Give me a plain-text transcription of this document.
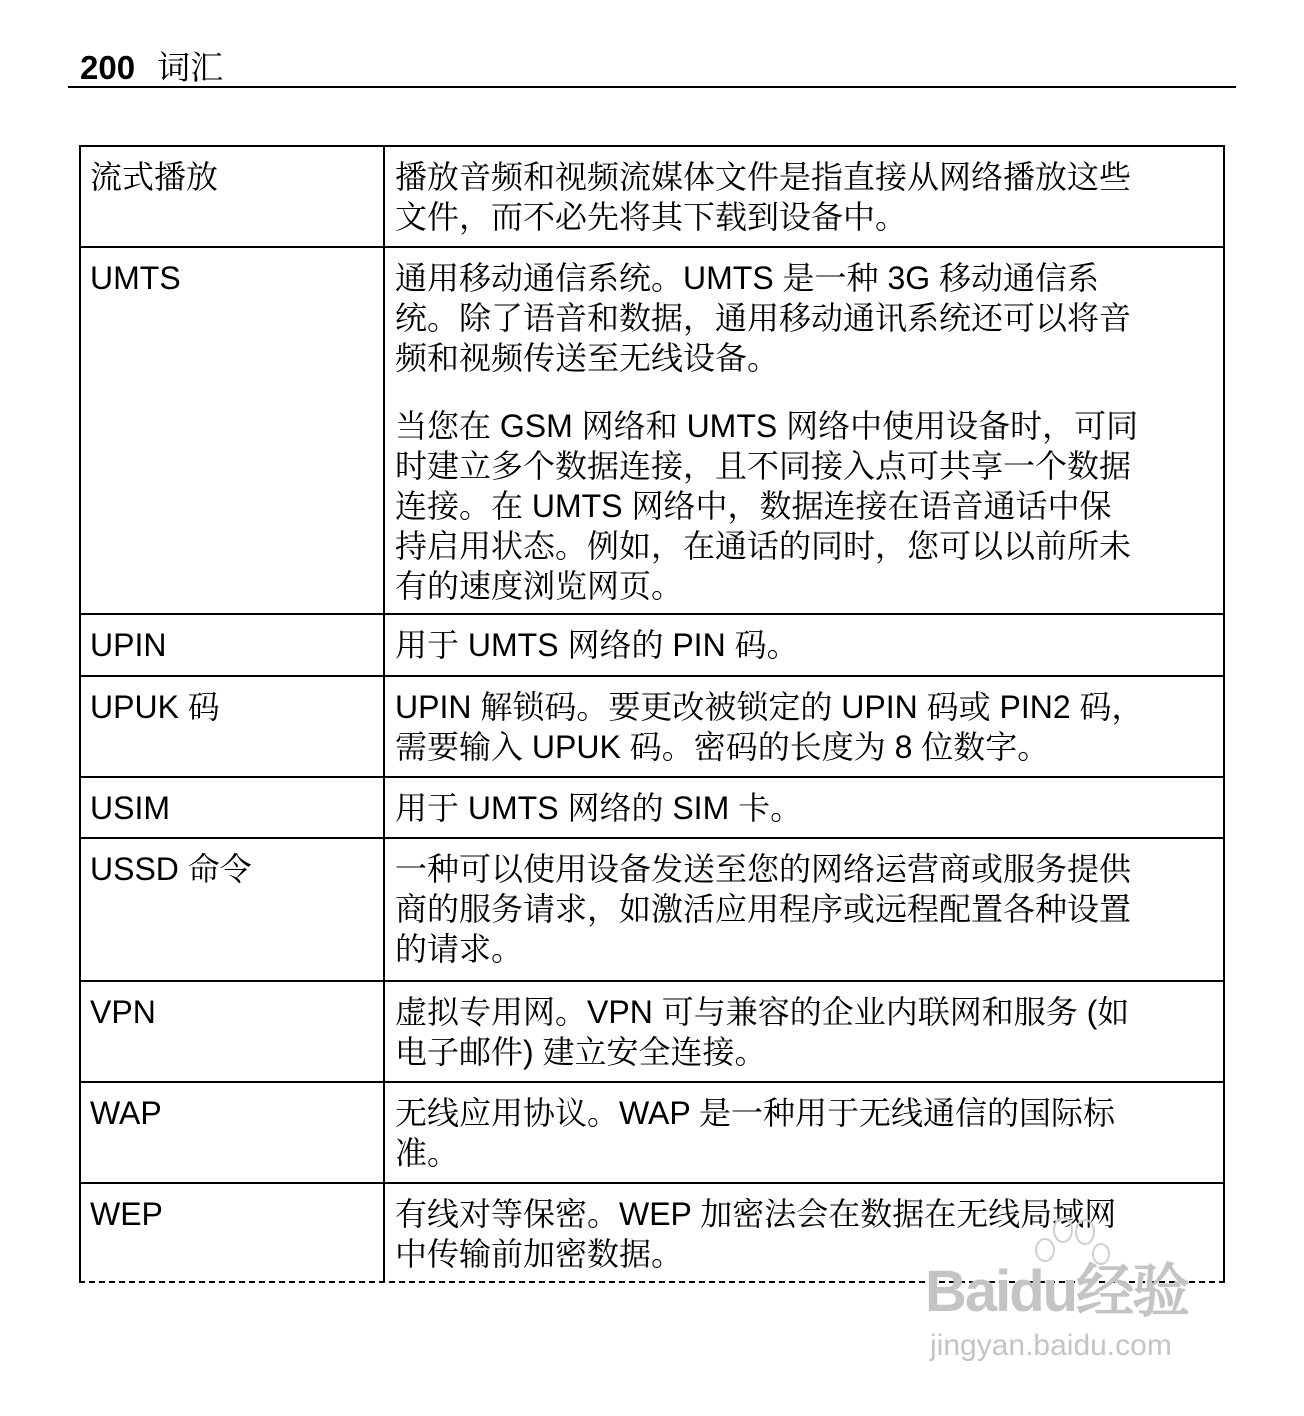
200 词汇
流式播放	播放音频和视频流媒体文件是指直接从网络播放这些
文件，而不必先将其下载到设备中。

UMTS	通用移动通信系统。UMTS 是一种 3G 移动通信系
统。除了语音和数据，通用移动通讯系统还可以将音
频和视频传送至无线设备。

当您在 GSM 网络和 UMTS 网络中使用设备时，可同
时建立多个数据连接，且不同接入点可共享一个数据
连接。在 UMTS 网络中，数据连接在语音通话中保
持启用状态。例如，在通话的同时，您可以以前所未
有的速度浏览网页。

UPIN	用于 UMTS 网络的 PIN 码。

UPUK 码	UPIN 解锁码。要更改被锁定的 UPIN 码或 PIN2 码，
需要输入 UPUK 码。密码的长度为 8 位数字。

USIM	用于 UMTS 网络的 SIM 卡。

USSD 命令	一种可以使用设备发送至您的网络运营商或服务提供
商的服务请求，如激活应用程序或远程配置各种设置
的请求。

VPN	虚拟专用网。VPN 可与兼容的企业内联网和服务 (如
电子邮件) 建立安全连接。

WAP	无线应用协议。WAP 是一种用于无线通信的国际标
准。

WEP	有线对等保密。WEP 加密法会在数据在无线局域网
中传输前加密数据。

Baidu经验
jingyan.baidu.com
